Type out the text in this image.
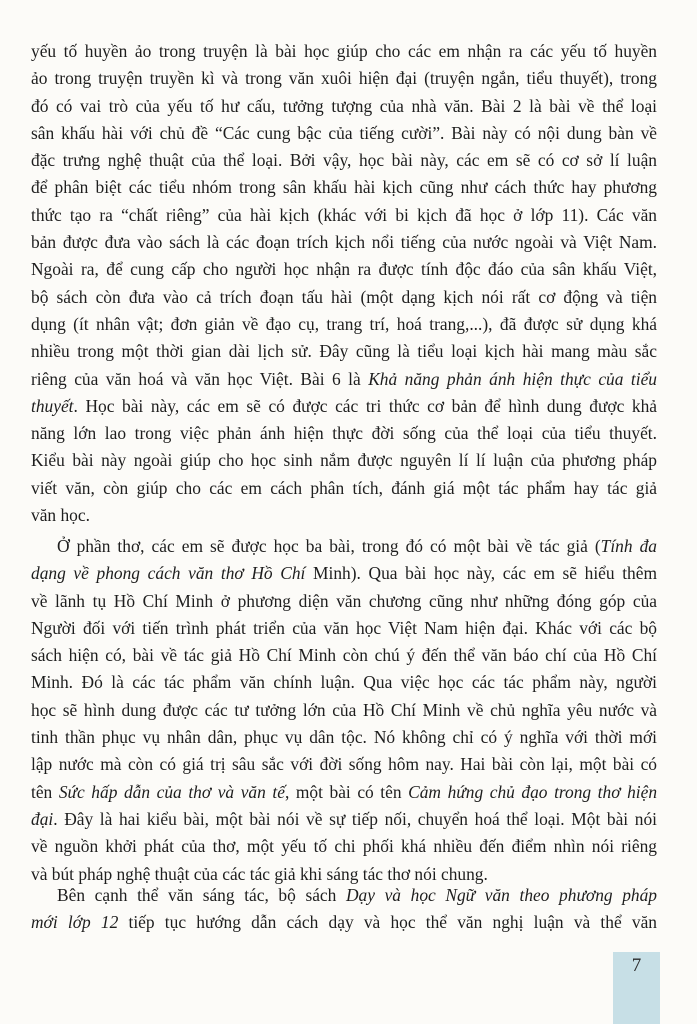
yếu tố huyền ảo trong truyện là bài học giúp cho các em nhận ra các yếu tố huyền
ảo trong truyện truyền kì và trong văn xuôi hiện đại (truyện ngắn, tiểu thuyết), trong
đó có vai trò của yếu tố hư cấu, tưởng tượng của nhà văn. Bài 2 là bài về thể loại
sân khấu hài với chủ đề “Các cung bậc của tiếng cười”. Bài này có nội dung bàn về
đặc trưng nghệ thuật của thể loại. Bởi vậy, học bài này, các em sẽ có cơ sở lí luận
để phân biệt các tiểu nhóm trong sân khấu hài kịch cũng như cách thức hay phương
thức tạo ra “chất riêng” của hài kịch (khác với bi kịch đã học ở lớp 11). Các văn
bản được đưa vào sách là các đoạn trích kịch nổi tiếng của nước ngoài và Việt Nam.
Ngoài ra, để cung cấp cho người học nhận ra được tính độc đáo của sân khấu Việt,
bộ sách còn đưa vào cả trích đoạn tấu hài (một dạng kịch nói rất cơ động và tiện
dụng (ít nhân vật; đơn giản về đạo cụ, trang trí, hoá trang,...), đã được sử dụng khá
nhiều trong một thời gian dài lịch sử. Đây cũng là tiểu loại kịch hài mang màu sắc
riêng của văn hoá và văn học Việt. Bài 6 là Khả năng phản ánh hiện thực của tiểu
thuyết. Học bài này, các em sẽ có được các tri thức cơ bản để hình dung được khả
năng lớn lao trong việc phản ánh hiện thực đời sống của thể loại của tiểu thuyết.
Kiểu bài này ngoài giúp cho học sinh nắm được nguyên lí lí luận của phương pháp
viết văn, còn giúp cho các em cách phân tích, đánh giá một tác phẩm hay tác giả
văn học.
Ở phần thơ, các em sẽ được học ba bài, trong đó có một bài về tác giả (Tính đa
dạng về phong cách văn thơ Hồ Chí Minh). Qua bài học này, các em sẽ hiểu thêm
về lãnh tụ Hồ Chí Minh ở phương diện văn chương cũng như những đóng góp của
Người đối với tiến trình phát triển của văn học Việt Nam hiện đại. Khác với các bộ
sách hiện có, bài về tác giả Hồ Chí Minh còn chú ý đến thể văn báo chí của Hồ Chí
Minh. Đó là các tác phẩm văn chính luận. Qua việc học các tác phẩm này, người
học sẽ hình dung được các tư tưởng lớn của Hồ Chí Minh về chủ nghĩa yêu nước và
tinh thần phục vụ nhân dân, phục vụ dân tộc. Nó không chỉ có ý nghĩa với thời mới
lập nước mà còn có giá trị sâu sắc với đời sống hôm nay. Hai bài còn lại, một bài có
tên Sức hấp dẫn của thơ và văn tế, một bài có tên Cảm hứng chủ đạo trong thơ hiện
đại. Đây là hai kiểu bài, một bài nói về sự tiếp nối, chuyển hoá thể loại. Một bài nói
về nguồn khởi phát của thơ, một yếu tố chi phối khá nhiều đến điểm nhìn nói riêng
và bút pháp nghệ thuật của các tác giả khi sáng tác thơ nói chung.
Bên cạnh thể văn sáng tác, bộ sách Dạy và học Ngữ văn theo phương pháp
mới lớp 12 tiếp tục hướng dẫn cách dạy và học thể văn nghị luận và thể văn
7
